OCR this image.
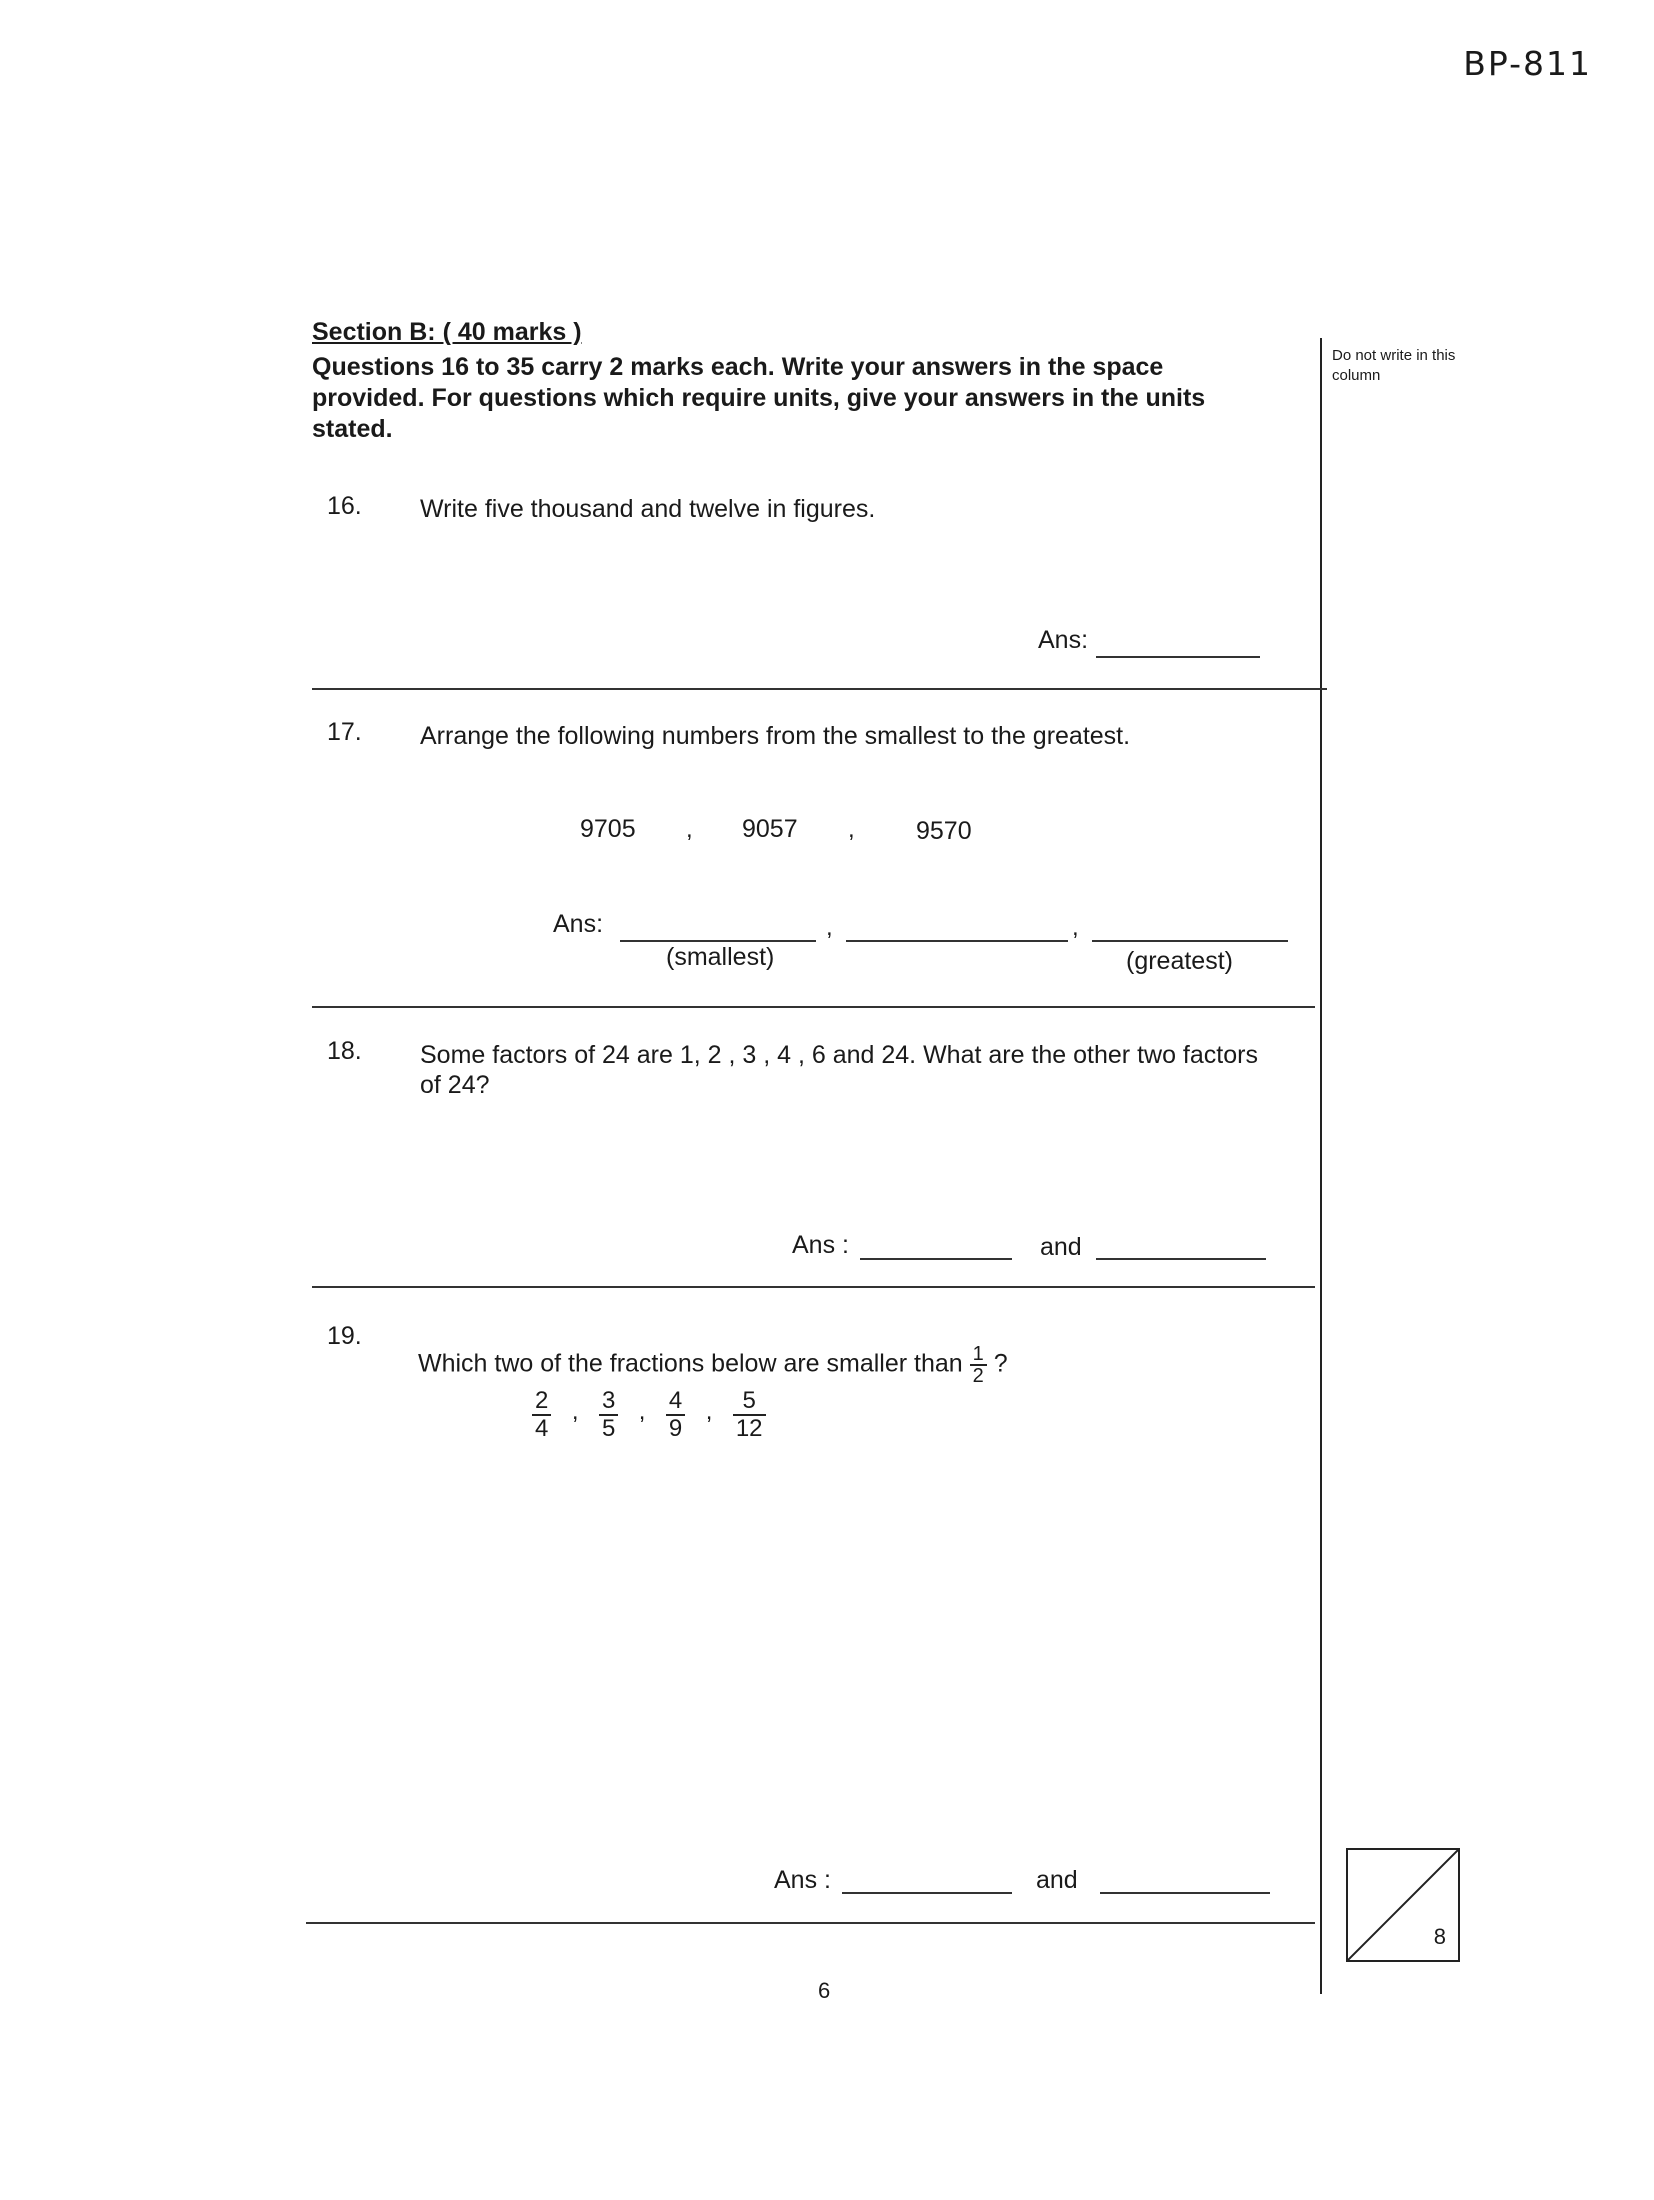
BP-811
Section B: ( 40 marks )
Questions 16 to 35 carry 2 marks each. Write your answers in the space provided. For questions which require units, give your answers in the units stated.
Do not write in this column
16. Write five thousand and twelve in figures.
Ans:
17. Arrange the following numbers from the smallest to the greatest.
9705 , 9057 , 9570
Ans:	,	,
(smallest)	(greatest)
18. Some factors of 24 are 1, 2 , 3 , 4 , 6 and 24. What are the other two factors of 24?
Ans :	and
19.
Which two of the fractions below are smaller than $\frac{1}{2}$ ?
$\frac{2}{4}$ , $\frac{3}{5}$ , $\frac{4}{9}$ , $\frac{5}{12}$
Ans :	and
8
6
